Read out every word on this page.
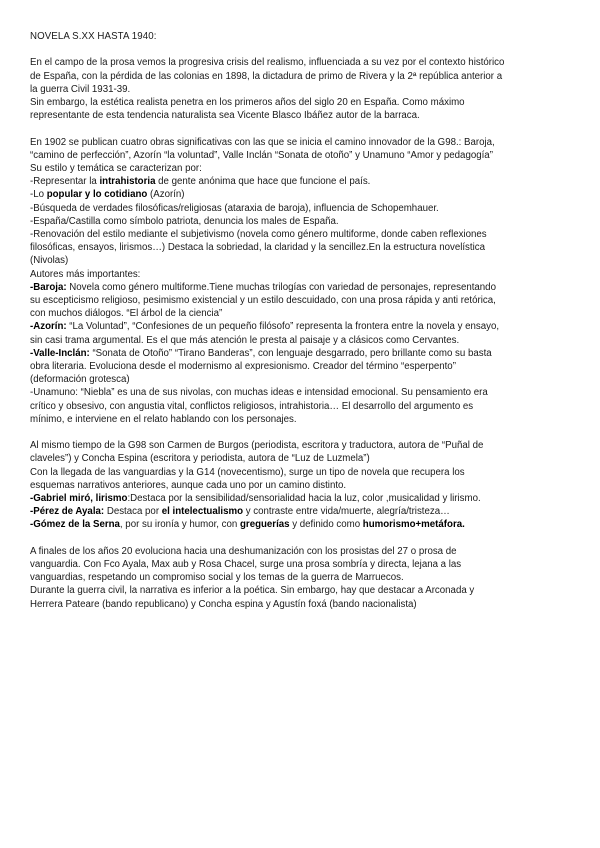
NOVELA S.XX HASTA 1940:
En el campo de la prosa vemos la progresiva crisis del realismo, influenciada a su vez por el contexto histórico
de España, con la pérdida de las colonias en 1898, la dictadura de primo de Rivera y la 2ª república anterior a
la guerra Civil 1931-39.
Sin embargo, la estética realista penetra en los primeros años del siglo 20 en España. Como máximo
representante de esta tendencia naturalista sea Vicente Blasco Ibáñez autor de la barraca.
En 1902 se publican cuatro obras significativas con las que se inicia el camino innovador de la G98.: Baroja,
“camino de perfección”, Azorín “la voluntad”, Valle Inclán “Sonata de otoño” y Unamuno “Amor y pedagogía”
Su estilo y temática se caracterizan por:
-Representar la intrahistoria de gente anónima que hace que funcione el país.
-Lo popular y lo cotidiano (Azorín)
-Búsqueda de verdades filosóficas/religiosas (ataraxia de baroja), influencia de Schopemhauer.
-España/Castilla como símbolo patriota, denuncia los males de España.
-Renovación del estilo mediante el subjetivismo (novela como género multiforme, donde caben reflexiones
filosóficas, ensayos, lirismos…) Destaca la sobriedad, la claridad y la sencillez.En la estructura novelística
(Nivolas)
Autores más importantes:
-Baroja: Novela como género multiforme.Tiene muchas trilogías con variedad de personajes, representando
su escepticismo religioso, pesimismo existencial y un estilo descuidado, con una prosa rápida y anti retórica,
con muchos diálogos. “El árbol de la ciencia”
-Azorín: “La Voluntad”, “Confesiones de un pequeño filósofo” representa la frontera entre la novela y ensayo,
sin casi trama argumental. Es el que más atención le presta al paisaje y a clásicos como Cervantes.
-Valle-Inclán: “Sonata de Otoño” “Tirano Banderas”, con lenguaje desgarrado, pero brillante como su basta
obra literaria. Evoluciona desde el modernismo al expresionismo. Creador del término “esperpento”
(deformación grotesca)
-Unamuno: “Niebla” es una de sus nivolas, con muchas ideas e intensidad emocional. Su pensamiento era
crítico y obsesivo, con angustia vital, conflictos religiosos, intrahistoria… El desarrollo del argumento es
mínimo, e interviene en el relato hablando con los personajes.
Al mismo tiempo de la G98 son Carmen de Burgos (periodista, escritora y traductora, autora de “Puñal de
claveles”) y Concha Espina (escritora y periodista, autora de “Luz de Luzmela”)
Con la llegada de las vanguardias y la G14 (novecentismo), surge un tipo de novela que recupera los
esquemas narrativos anteriores, aunque cada uno por un camino distinto.
-Gabriel miró, lirismo:Destaca por la sensibilidad/sensorialidad hacia la luz, color ,musicalidad y lirismo.
-Pérez de Ayala: Destaca por el intelectualismo y contraste entre vida/muerte, alegría/tristeza…
-Gómez de la Serna, por su ironía y humor, con greguerías y definido como humorismo+metáfora.
A finales de los años 20 evoluciona hacia una deshumanización con los prosistas del 27 o prosa de
vanguardia. Con Fco Ayala, Max aub y Rosa Chacel, surge una prosa sombría y directa, lejana a las
vanguardias, respetando un compromiso social y los temas de la guerra de Marruecos.
Durante la guerra civil, la narrativa es inferior a la poética. Sin embargo, hay que destacar a Arconada y
Herrera Pateare (bando republicano) y Concha espina y Agustín foxá (bando nacionalista)
